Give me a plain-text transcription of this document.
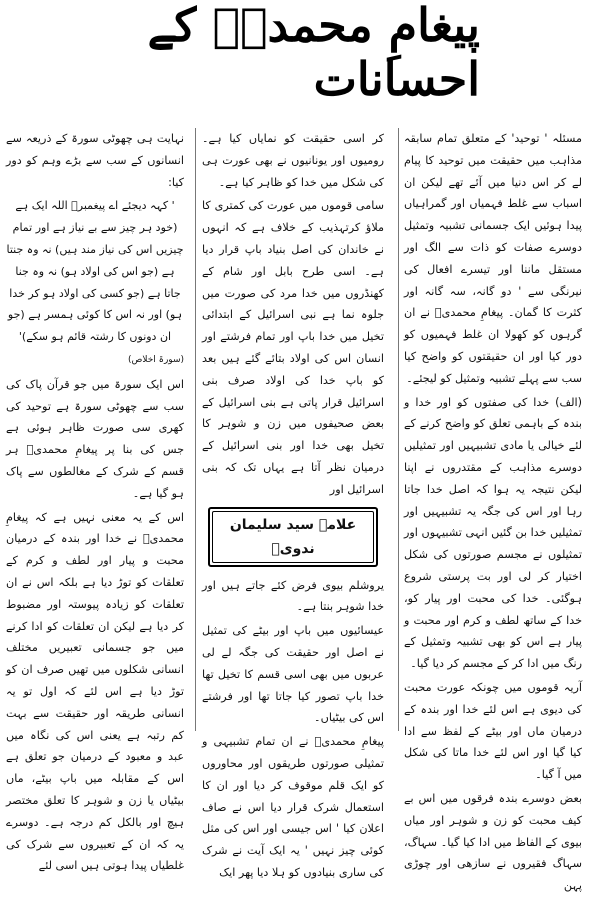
پیغامِ محمدیؐ کے احسانات

مسئلہ ' توحید' کے متعلق تمام سابقہ مذاہب میں حقیقت میں توحید کا پیام لے کر اس دنیا میں آئے تھے لیکن ان اسباب سے غلط فہمیاں اور گمراہیاں پیدا ہوئیں ایک جسمانی تشبیہ وتمثیل دوسرے صفات کو ذات سے الگ اور مستقل ماننا اور تیسرے افعال کی نیرنگی سے ' دو گانہ، سہ گانہ اور کثرت کا گمان۔ پیغامِ محمدیؐ نے ان گرہوں کو کھولا ان غلط فہمیوں کو دور کیا اور ان حقیقتوں کو واضح کیا سب سے پہلے تشبیہ وتمثیل کو لیجئے۔

(الف) خدا کی صفتوں کو اور خدا و بندہ کے باہمی تعلق کو واضح کرنے کے لئے خیالی یا مادی تشبیہیں اور تمثیلیں دوسرے مذاہب کے مقتدروں نے اپنا لیکن نتیجہ یہ ہوا کہ اصل خدا جاتا رہا اور اس کی جگہ یہ تشبیہیں اور تمثیلیں خدا بن گئیں انہی تشبیہوں اور تمثیلوں نے مجسم صورتوں کی شکل اختیار کر لی اور بت پرستی شروع ہوگئی۔ خدا کی محبت اور پیار کو، خدا کے ساتھ لطف و کرم اور محبت و پیار ہے اس کو بھی تشبیہ وتمثیل کے رنگ میں ادا کر کے مجسم کر دیا گیا۔

آریہ قوموں میں چونکہ عورت محبت کی دیوی ہے اس لئے خدا اور بندہ کے درمیان ماں اور بیٹے کے لفظ سے ادا کیا گیا اور اس لئے خدا ماتا کی شکل میں آ گیا۔

بعض دوسرے بندہ فرقوں میں اس بے کیف محبت کو زن و شوہر اور میاں بیوی کے الفاظ میں ادا کیا گیا۔ سہاگ، سہاگ فقیروں نے سازھی اور چوڑی پہن

کر اسی حقیقت کو نمایاں کیا ہے۔ رومیوں اور یونانیوں نے بھی عورت ہی کی شکل میں خدا کو ظاہر کیا ہے۔

سامی قوموں میں عورت کی کمتری کا ملاؤ کرتہذیب کے خلاف ہے کہ انہوں نے خاندان کی اصل بنیاد باپ قرار دیا ہے۔ اسی طرح بابل اور شام کے کھنڈروں میں خدا مرد کی صورت میں جلوہ نما ہے نبی اسرائیل کے ابتدائی تخیل میں خدا باپ اور تمام فرشتے اور انسان اس کی اولاد بتائے گئے ہیں بعد کو باپ خدا کی اولاد صرف بنی اسرائیل قرار پاتی ہے بنی اسرائیل کے بعض صحیفوں میں زن و شوہر کا تخیل بھی خدا اور بنی اسرائیل کے درمیان نظر آتا ہے یہاں تک کہ بنی اسرائیل اور

علامہ سید سلیمان ندویؒ

یروشلم بیوی فرض کئے جاتے ہیں اور خدا شوہر بنتا ہے۔

عیسائیوں میں باپ اور بیٹے کی تمثیل نے اصل اور حقیقت کی جگہ لے لی عربوں میں بھی اسی قسم کا تخیل تھا خدا باپ تصور کیا جاتا تھا اور فرشتے اس کی بیٹیاں۔

پیغامِ محمدیؐ نے ان تمام تشبیہی و تمثیلی صورتوں طریقوں اور محاوروں کو ایک قلم موقوف کر دیا اور ان کا استعمال شرک قرار دیا اس نے صاف اعلان کیا ' اس جیسی اور اس کی مثل کوئی چیز نہیں ' یہ ایک آیت نے شرک کی ساری بنیادوں کو ہلا دیا پھر ایک

نہایت ہی چھوٹی سورۃ کے ذریعہ سے انسانوں کے سب سے بڑے وہم کو دور کیا:

' کہہ دیجئے اے پیغمبرؐ اللہ ایک ہے (خود ہر چیز سے بے نیاز ہے اور تمام چیزیں اس کی نیاز مند ہیں) نہ وہ جنتا ہے (جو اس کی اولاد ہو) نہ وہ جنا جاتا ہے (جو کسی کی اولاد ہو کر خدا ہو) اور نہ اس کا کوئی ہمسر ہے (جو ان دونوں کا رشتہ قائم ہو سکے)'

(سورۃ اخلاص)

اس ایک سورۃ میں جو قرآن پاک کی سب سے چھوٹی سورۃ ہے توحید کی کھری سی صورت ظاہر ہوئی ہے جس کی بنا پر پیغامِ محمدیؐ ہر قسم کے شرک کے مغالطوں سے پاک ہو گیا ہے۔

اس کے یہ معنی نہیں ہے کہ پیغامِ محمدیؐ نے خدا اور بندہ کے درمیان محبت و پیار اور لطف و کرم کے تعلقات کو توڑ دیا ہے بلکہ اس نے ان تعلقات کو زیادہ پیوستہ اور مضبوط کر دیا ہے لیکن ان تعلقات کو ادا کرنے میں جو جسمانی تعبیریں مختلف انسانی شکلوں میں تھیں صرف ان کو توڑ دیا ہے اس لئے کہ اول تو یہ انسانی طریقہ اور حقیقت سے بہت کم رتبہ ہے یعنی اس کی نگاہ میں عبد و معبود کے درمیان جو تعلق ہے اس کے مقابلہ میں باپ بیٹے، ماں بیٹیاں یا زن و شوہر کا تعلق مختصر ہیچ اور بالکل کم درجہ ہے۔ دوسرے یہ کہ ان کے تعبیروں سے شرک کی غلطیاں پیدا ہوتی ہیں اسی لئے
